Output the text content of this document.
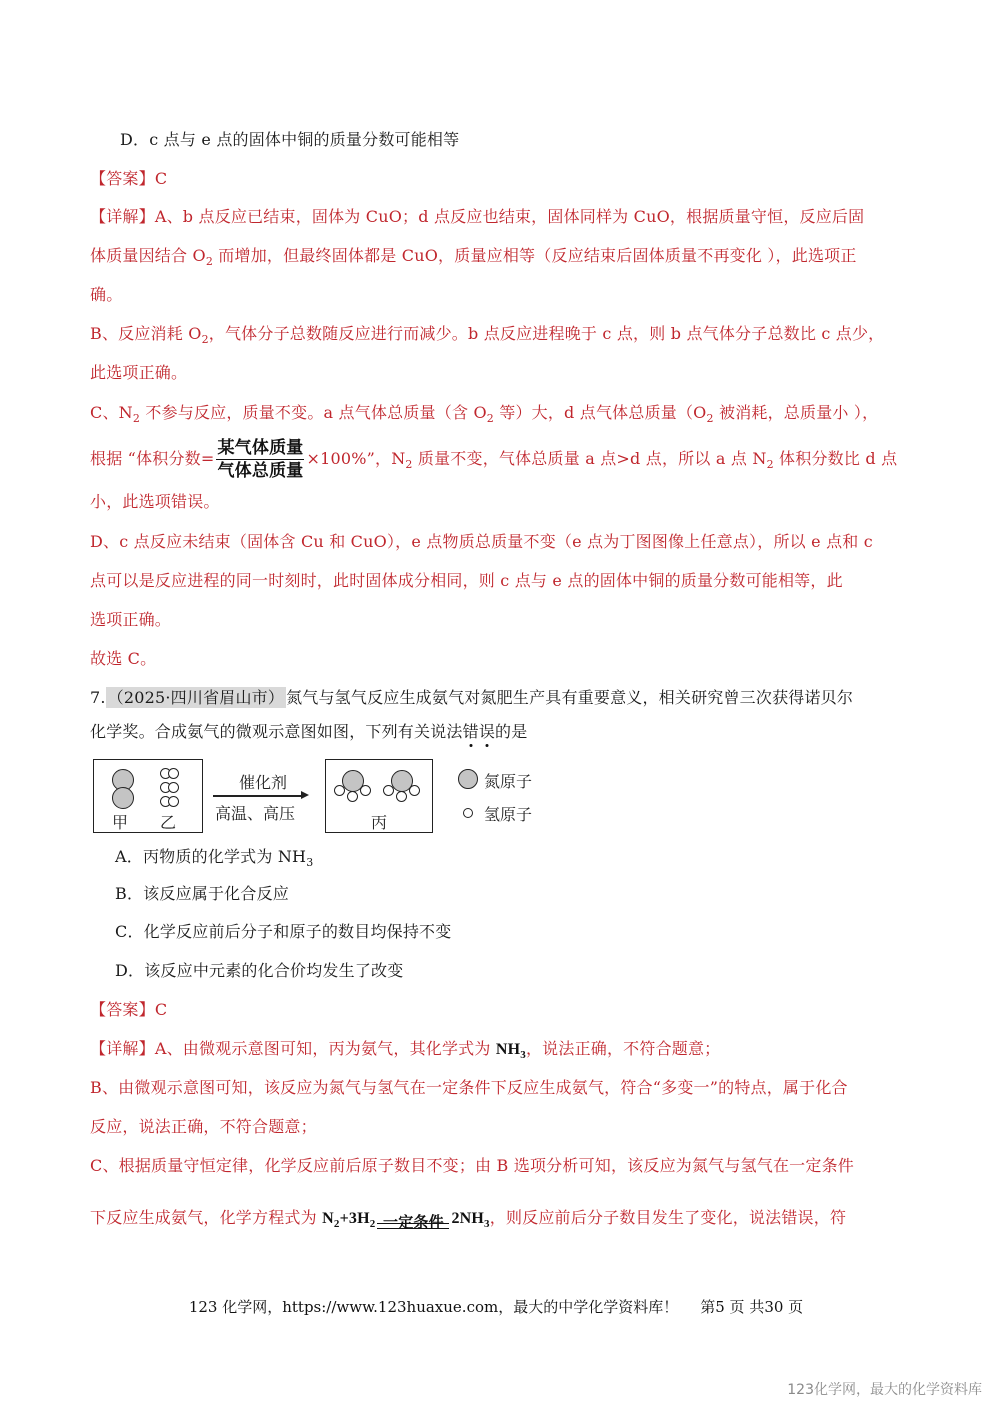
D．c 点与 e 点的固体中铜的质量分数可能相等
【答案】C
【详解】A、b 点反应已结束，固体为 CuO；d 点反应也结束，固体同样为 CuO，根据质量守恒，反应后固
体质量因结合 $O_2$ 而增加，但最终固体都是 CuO，质量应相等（反应结束后固体质量不再变化 ），此选项正
确。
B、反应消耗 $O_2$，气体分子总数随反应进行而减少。b 点反应进程晚于 c 点，则 b 点气体分子总数比 c 点少，
此选项正确。
C、$N_2$ 不参与反应，质量不变。a 点气体总质量（含 $O_2$ 等）大，d 点气体总质量（$O_2$ 被消耗，总质量小 ），
根据 “体积分数= $\frac{\text{某气体质量}}{\text{气体总质量}} \times 100\%$”，$N_2$ 质量不变，气体总质量 a 点>d 点，所以 a 点 $N_2$ 体积分数比 d 点
小，此选项错误。
D、c 点反应未结束（固体含 Cu 和 CuO），e 点物质总质量不变（e 点为丁图图像上任意点），所以 e 点和 c
点可以是反应进程的同一时刻时，此时固体成分相同，则 c 点与 e 点的固体中铜的质量分数可能相等，此
选项正确。
故选 C。
7. （2025·四川省眉山市） 氮气与氢气反应生成氨气对氮肥生产具有重要意义，相关研究曾三次获得诺贝尔
化学奖。合成氨气的微观示意图如图，下列有关说法错误的是
甲 乙
催化剂
高温、高压	丙
氮原子
氢原子
A．丙物质的化学式为 $NH_3$
B．该反应属于化合反应
C．化学反应前后分子和原子的数目均保持不变
D．该反应中元素的化合价均发生了改变
【答案】C
【详解】A、由微观示意图可知，丙为氨气，其化学式为 $NH_3$，说法正确，不符合题意；
B、由微观示意图可知，该反应为氮气与氢气在一定条件下反应生成氨气，符合“多变一”的特点，属于化合
反应，说法正确，不符合题意；
C、根据质量守恒定律，化学反应前后原子数目不变；由 B 选项分析可知，该反应为氮气与氢气在一定条件
下反应生成氨气，化学方程式为 $N_2+3H_2$ 一定条件 $2NH_3$，则反应前后分子数目发生了变化，说法错误，符
123 化学网，https://www.123huaxue.com，最大的中学化学资料库！ 第5 页 共30 页
123化学网，最大的化学资料库
